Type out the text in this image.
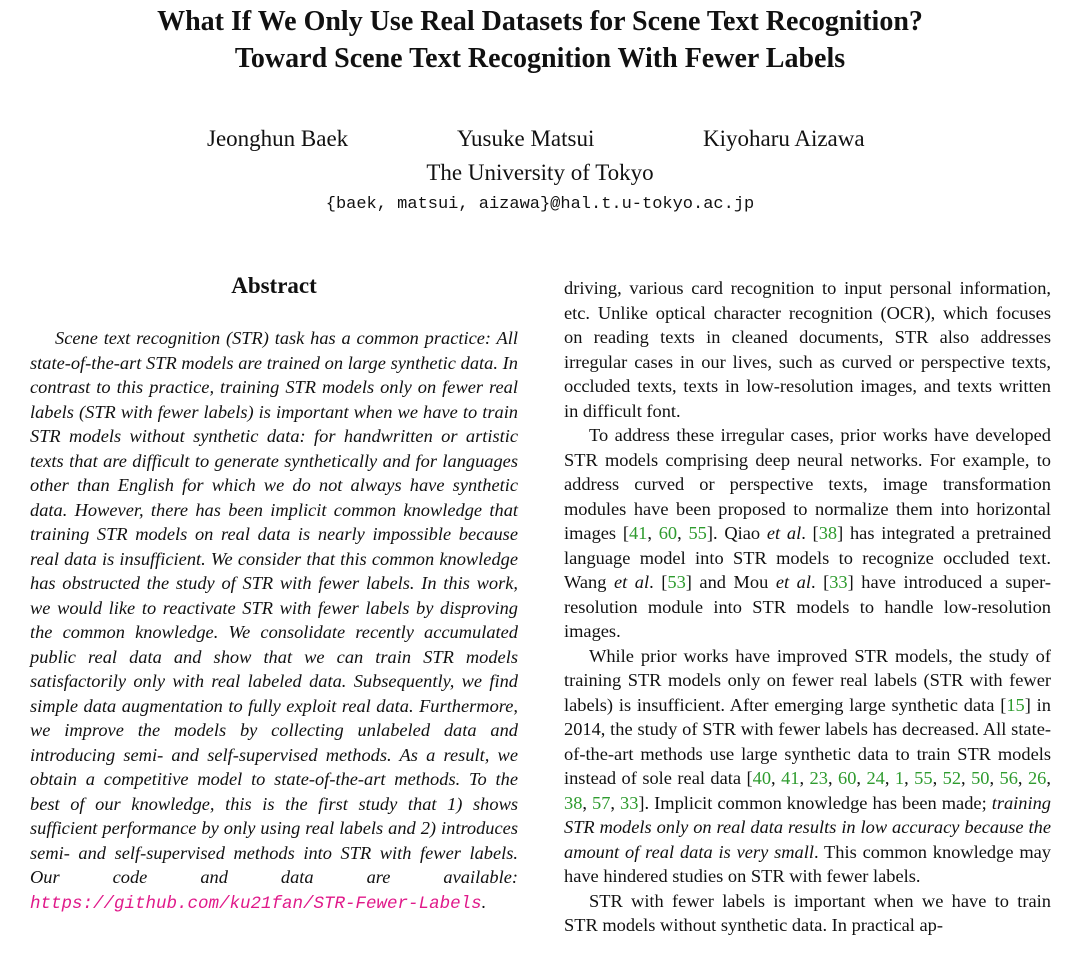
What If We Only Use Real Datasets for Scene Text Recognition?
Toward Scene Text Recognition With Fewer Labels
Jeonghun Baek	Yusuke Matsui	Kiyoharu Aizawa
The University of Tokyo
{baek, matsui, aizawa}@hal.t.u-tokyo.ac.jp
Abstract

Scene text recognition (STR) task has a common practice: All state-of-the-art STR models are trained on large synthetic data. In contrast to this practice, training STR models only on fewer real labels (STR with fewer labels) is important when we have to train STR models without synthetic data: for handwritten or artistic texts that are difficult to generate synthetically and for languages other than English for which we do not always have synthetic data. However, there has been implicit common knowledge that training STR models on real data is nearly impossible because real data is insufficient. We consider that this common knowledge has obstructed the study of STR with fewer labels. In this work, we would like to reactivate STR with fewer labels by disproving the common knowledge. We consolidate recently accumulated public real data and show that we can train STR models satisfactorily only with real labeled data. Subsequently, we find simple data augmentation to fully exploit real data. Furthermore, we improve the models by collecting unlabeled data and introducing semi- and self-supervised methods. As a result, we obtain a competitive model to state-of-the-art methods. To the best of our knowledge, this is the first study that 1) shows sufficient performance by only using real labels and 2) introduces semi- and self-supervised methods into STR with fewer labels. Our code and data are available: https://github.com/ku21fan/STR-Fewer-Labels.

driving, various card recognition to input personal information, etc. Unlike optical character recognition (OCR), which focuses on reading texts in cleaned documents, STR also addresses irregular cases in our lives, such as curved or perspective texts, occluded texts, texts in low-resolution images, and texts written in difficult font.

To address these irregular cases, prior works have developed STR models comprising deep neural networks. For example, to address curved or perspective texts, image transformation modules have been proposed to normalize them into horizontal images [41, 60, 55]. Qiao et al. [38] has integrated a pretrained language model into STR models to recognize occluded text. Wang et al. [53] and Mou et al. [33] have introduced a super-resolution module into STR models to handle low-resolution images.

While prior works have improved STR models, the study of training STR models only on fewer real labels (STR with fewer labels) is insufficient. After emerging large synthetic data [15] in 2014, the study of STR with fewer labels has decreased. All state-of-the-art methods use large synthetic data to train STR models instead of sole real data [40, 41, 23, 60, 24, 1, 55, 52, 50, 56, 26, 38, 57, 33]. Implicit common knowledge has been made; training STR models only on real data results in low accuracy because the amount of real data is very small. This common knowledge may have hindered studies on STR with fewer labels.

STR with fewer labels is important when we have to train STR models without synthetic data. In practical ap-
